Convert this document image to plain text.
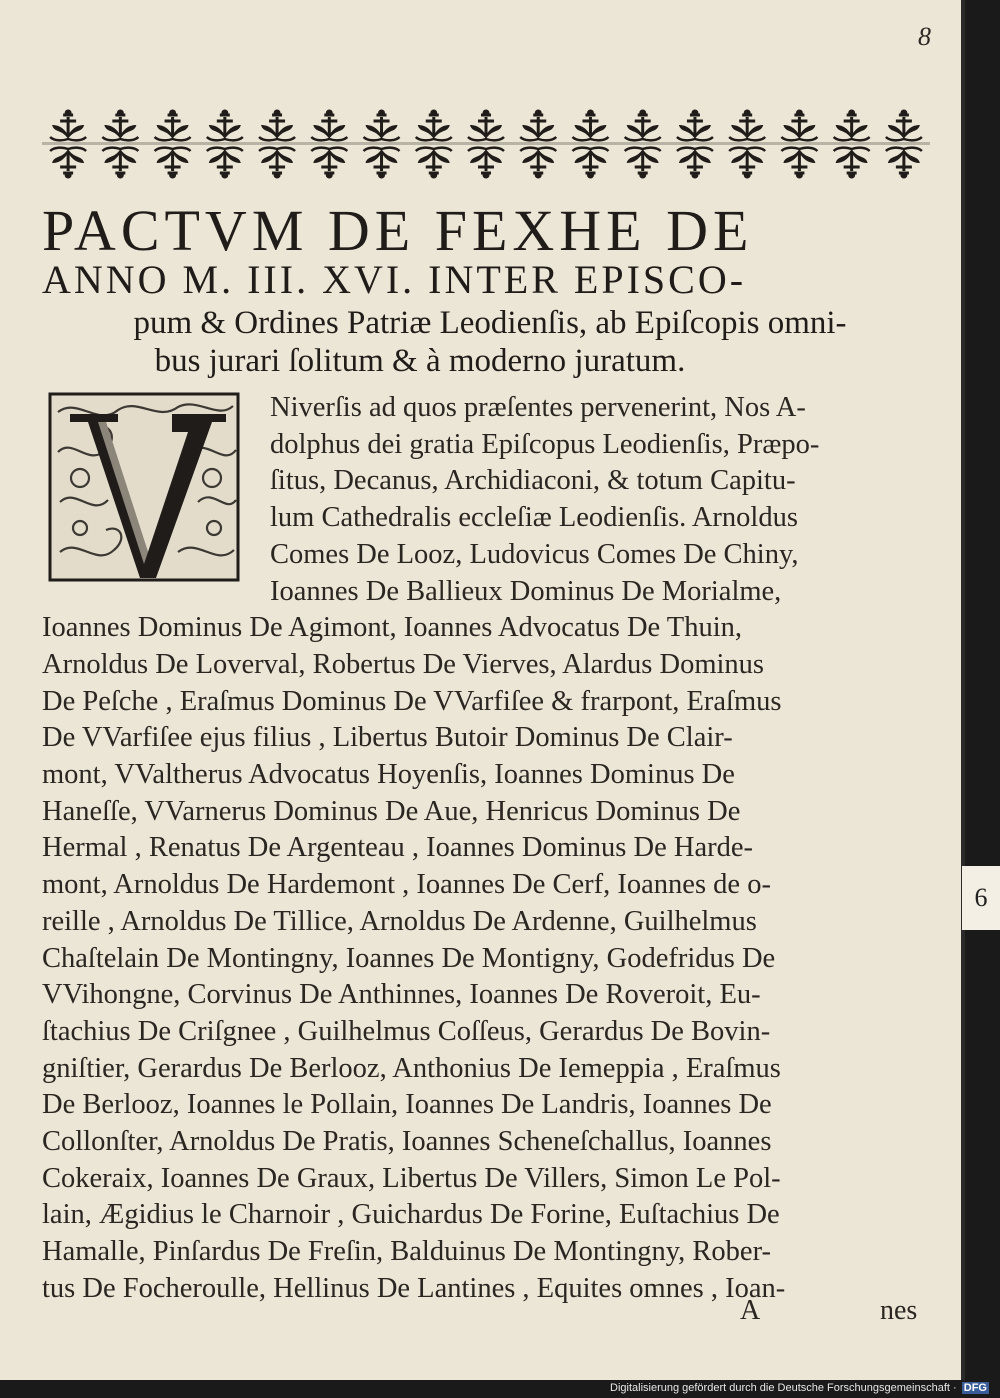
8
PACTVM DE FEXHE DE
ANNO M. III. XVI. INTER EPISCO-
pum & Ordines Patriæ Leodienſis, ab Epiſcopis omni-
bus jurari ſolitum & à moderno juratum.
Niverſis ad quos præſentes pervenerint, Nos A-
dolphus dei gratia Epiſcopus Leodienſis, Præpo-
ſitus, Decanus, Archidiaconi, & totum Capitu-
lum Cathedralis eccleſiæ Leodienſis. Arnoldus
Comes De Looz, Ludovicus Comes De Chiny,
Ioannes De Ballieux Dominus De Morialme,
Ioannes Dominus De Agimont, Ioannes Advocatus De Thuin,
Arnoldus De Loverval, Robertus De Vierves, Alardus Dominus
De Peſche , Eraſmus Dominus De VVarfiſee & frarpont, Eraſmus
De VVarfiſee ejus filius , Libertus Butoir Dominus De Clair-
mont, VValtherus Advocatus Hoyenſis, Ioannes Dominus De
Haneſſe, VVarnerus Dominus De Aue, Henricus Dominus De
Hermal , Renatus De Argenteau , Ioannes Dominus De Harde-
mont, Arnoldus De Hardemont , Ioannes De Cerf, Ioannes de o-
reille , Arnoldus De Tillice, Arnoldus De Ardenne, Guilhelmus
Chaſtelain De Montingny, Ioannes De Montigny, Godefridus De
VVihongne, Corvinus De Anthinnes, Ioannes De Roveroit, Eu-
ſtachius De Criſgnee , Guilhelmus Coſſeus, Gerardus De Bovin-
gniſtier, Gerardus De Berlooz, Anthonius De Iemeppia , Eraſmus
De Berlooz, Ioannes le Pollain, Ioannes De Landris, Ioannes De
Collonſter, Arnoldus De Pratis, Ioannes Scheneſchallus, Ioannes
Cokeraix, Ioannes De Graux, Libertus De Villers, Simon Le Pol-
lain, Ægidius le Charnoir , Guichardus De Forine, Euſtachius De
Hamalle, Pinſardus De Freſin, Balduinus De Montingny, Rober-
tus De Focheroulle, Hellinus De Lantines , Equites omnes , Ioan-
A	nes
6
Digitalisierung gefördert durch die Deutsche Forschungsgemeinschaft · DFG
